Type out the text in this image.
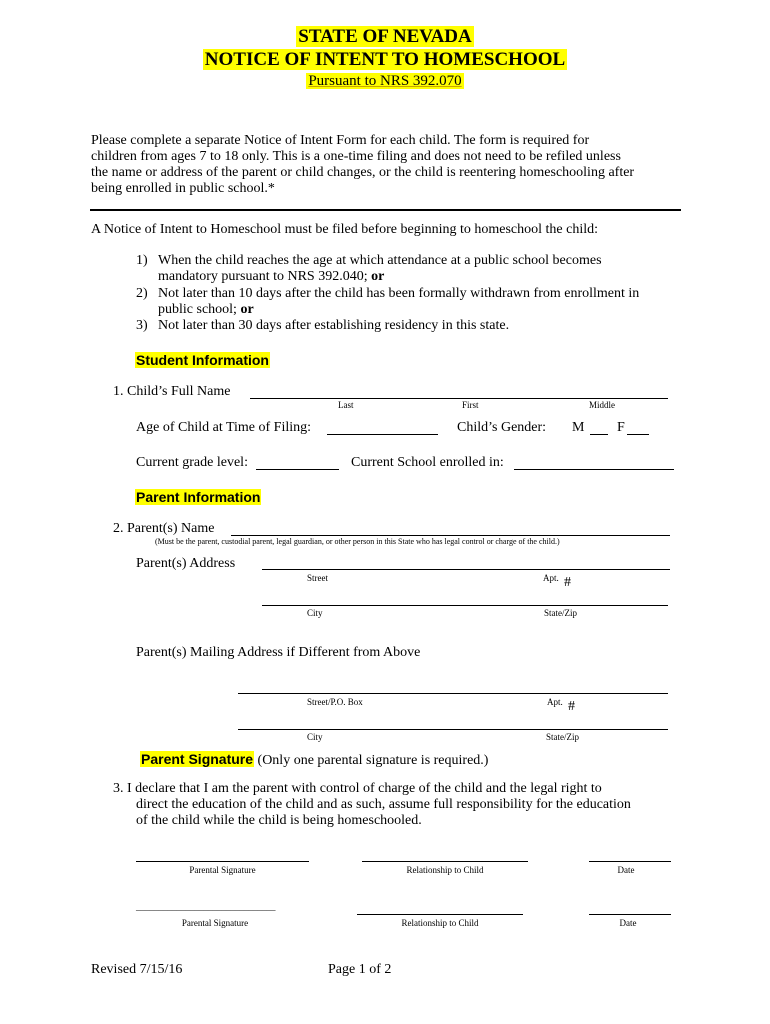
STATE OF NEVADA
NOTICE OF INTENT TO HOMESCHOOL
Pursuant to NRS 392.070
Please complete a separate Notice of Intent Form for each child. The form is required for
children from ages 7 to 18 only. This is a one-time filing and does not need to be refiled unless
the name or address of the parent or child changes, or the child is reentering homeschooling after
being enrolled in public school.*
A Notice of Intent to Homeschool must be filed before beginning to homeschool the child:
1) When the child reaches the age at which attendance at a public school becomes
mandatory pursuant to NRS 392.040; or
2) Not later than 10 days after the child has been formally withdrawn from enrollment in
public school; or
3) Not later than 30 days after establishing residency in this state.
Student Information
1. Child’s Full Name
Last	First	Middle
Age of Child at Time of Filing:	Child’s Gender: M F
Current grade level:	Current School enrolled in:
Parent Information
2. Parent(s) Name
(Must be the parent, custodial parent, legal guardian, or other person in this State who has legal control or charge of the child.)
Parent(s) Address
Street	Apt. #
City	State/Zip
Parent(s) Mailing Address if Different from Above
Street/P.O. Box	Apt. #
City	State/Zip
Parent Signature (Only one parental signature is required.)
3. I declare that I am the parent with control of charge of the child and the legal right to
direct the education of the child and as such, assume full responsibility for the education
of the child while the child is being homeschooled.
Parental Signature	Relationship to Child	Date
_______________________________
Parental Signature	Relationship to Child	Date
Revised 7/15/16	Page 1 of 2
